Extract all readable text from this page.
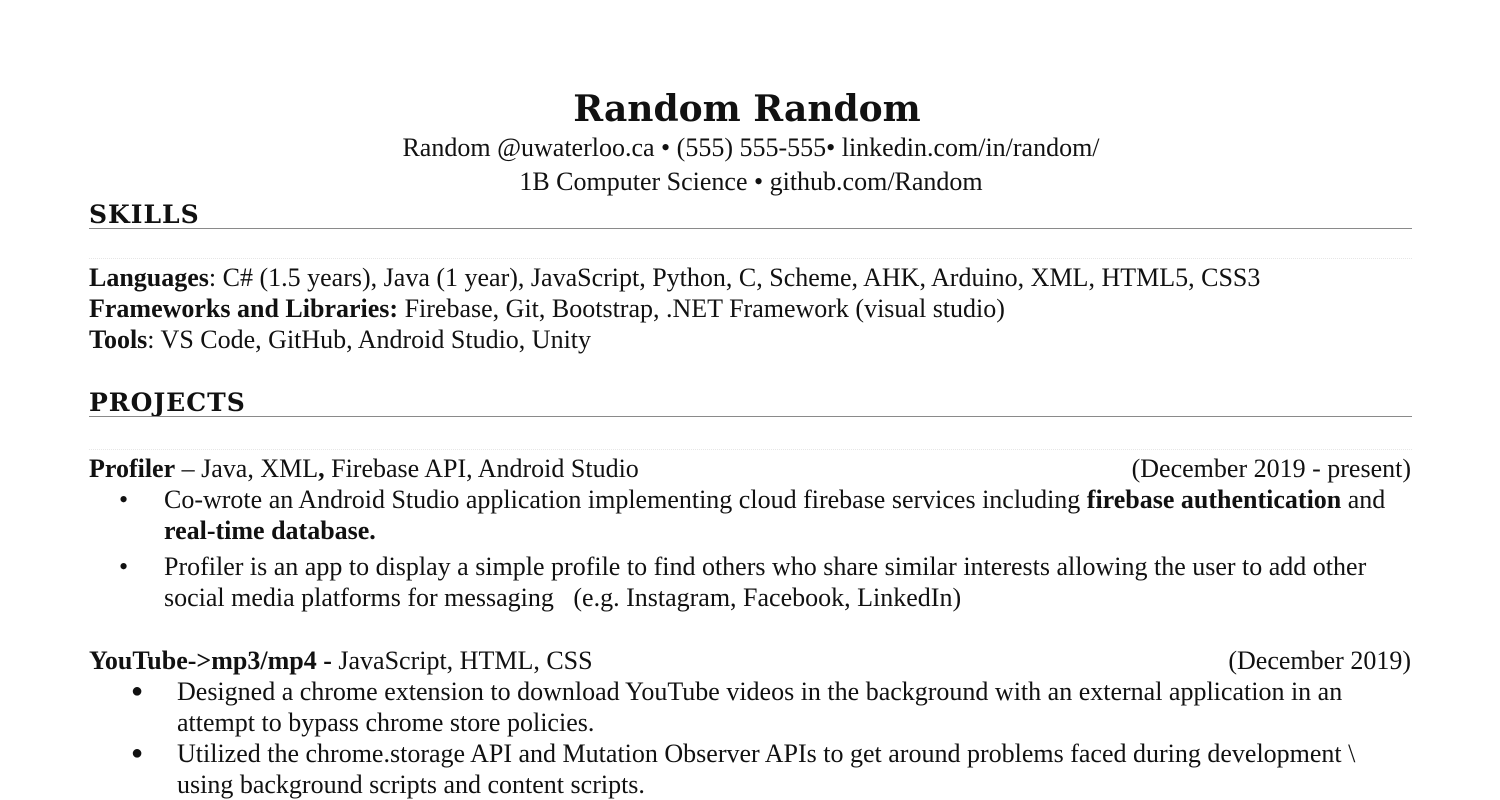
Random Random
Random @uwaterloo.ca • (555) 555-555• linkedin.com/in/random/
1B Computer Science • github.com/Random
SKILLS
Languages: C# (1.5 years), Java (1 year), JavaScript, Python, C, Scheme, AHK, Arduino, XML, HTML5, CSS3
Frameworks and Libraries: Firebase, Git, Bootstrap, .NET Framework (visual studio)
Tools: VS Code, GitHub, Android Studio, Unity
PROJECTS
Profiler – Java, XML, Firebase API, Android Studio	(December 2019 - present)
• Co-wrote an Android Studio application implementing cloud firebase services including firebase authentication and real-time database.
• Profiler is an app to display a simple profile to find others who share similar interests allowing the user to add other social media platforms for messaging   (e.g. Instagram, Facebook, LinkedIn)
YouTube->mp3/mp4 - JavaScript, HTML, CSS	(December 2019)
● Designed a chrome extension to download YouTube videos in the background with an external application in an attempt to bypass chrome store policies.
● Utilized the chrome.storage API and Mutation Observer APIs to get around problems faced during development \ using background scripts and content scripts.
